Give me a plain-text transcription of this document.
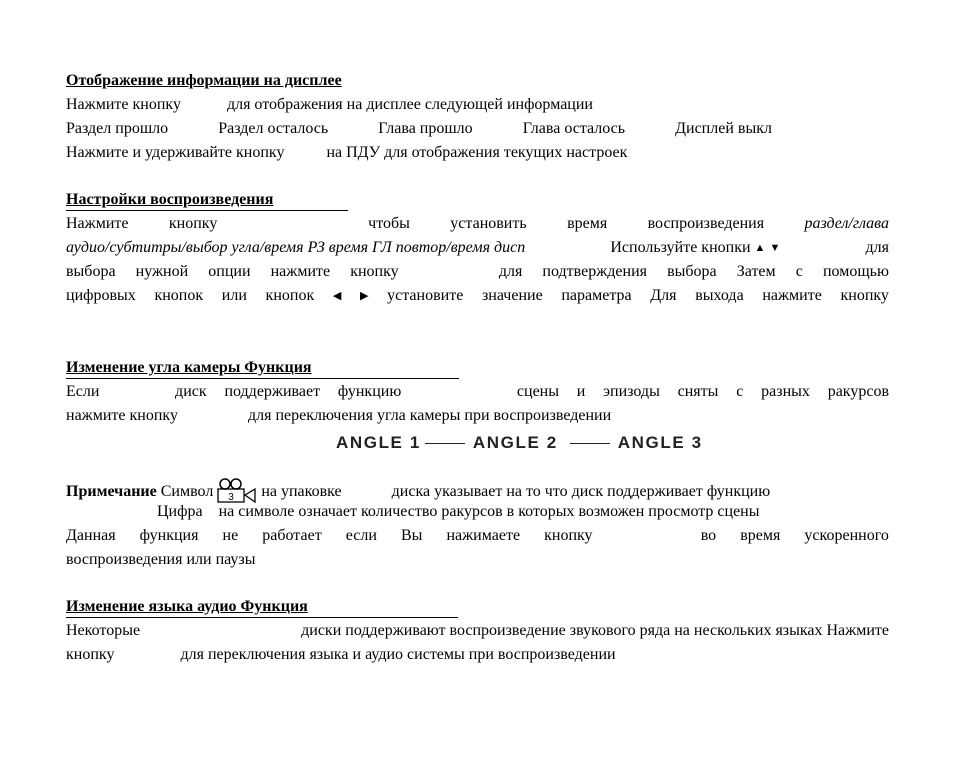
Отображение информации на дисплее
Нажмите кнопку	для отображения на дисплее следующей информации
Раздел прошло	Раздел осталось	Глава прошло	Глава осталось	Дисплей выкл
Нажмите и удерживайте кнопку	на ПДУ для отображения текущих настроек
Настройки воспроизведения
Нажмите	кнопку	чтобы	установить	время	воспроизведения	раздел/глава
аудио/субтитры/выбор угла/время РЗ время ГЛ повтор/время дисп	Используйте кнопки ▲ ▼	для
выбора нужной опции нажмите кнопку	для подтверждения выбора Затем с помощью
цифровых кнопок или кнопок ◀ ▶ установите значение параметра Для выхода нажмите кнопку
Изменение угла камеры Функция
Если	диск поддерживает функцию	сцены и эпизоды сняты с разных ракурсов
нажмите кнопку	для переключения угла камеры при воспроизведении
ANGLE 1	ANGLE 2	ANGLE 3
Примечание Символ 3 на упаковке	диска указывает на то что диск поддерживает функцию
Цифра на символе означает количество ракурсов в которых возможен просмотр сцены
Данная функция не работает если Вы нажимаете кнопку	во время ускоренного
воспроизведения или паузы
Изменение языка аудио Функция
Некоторые	диски поддерживают воспроизведение звукового ряда на нескольких языках Нажмите
кнопку	для переключения языка и аудио системы при воспроизведении
